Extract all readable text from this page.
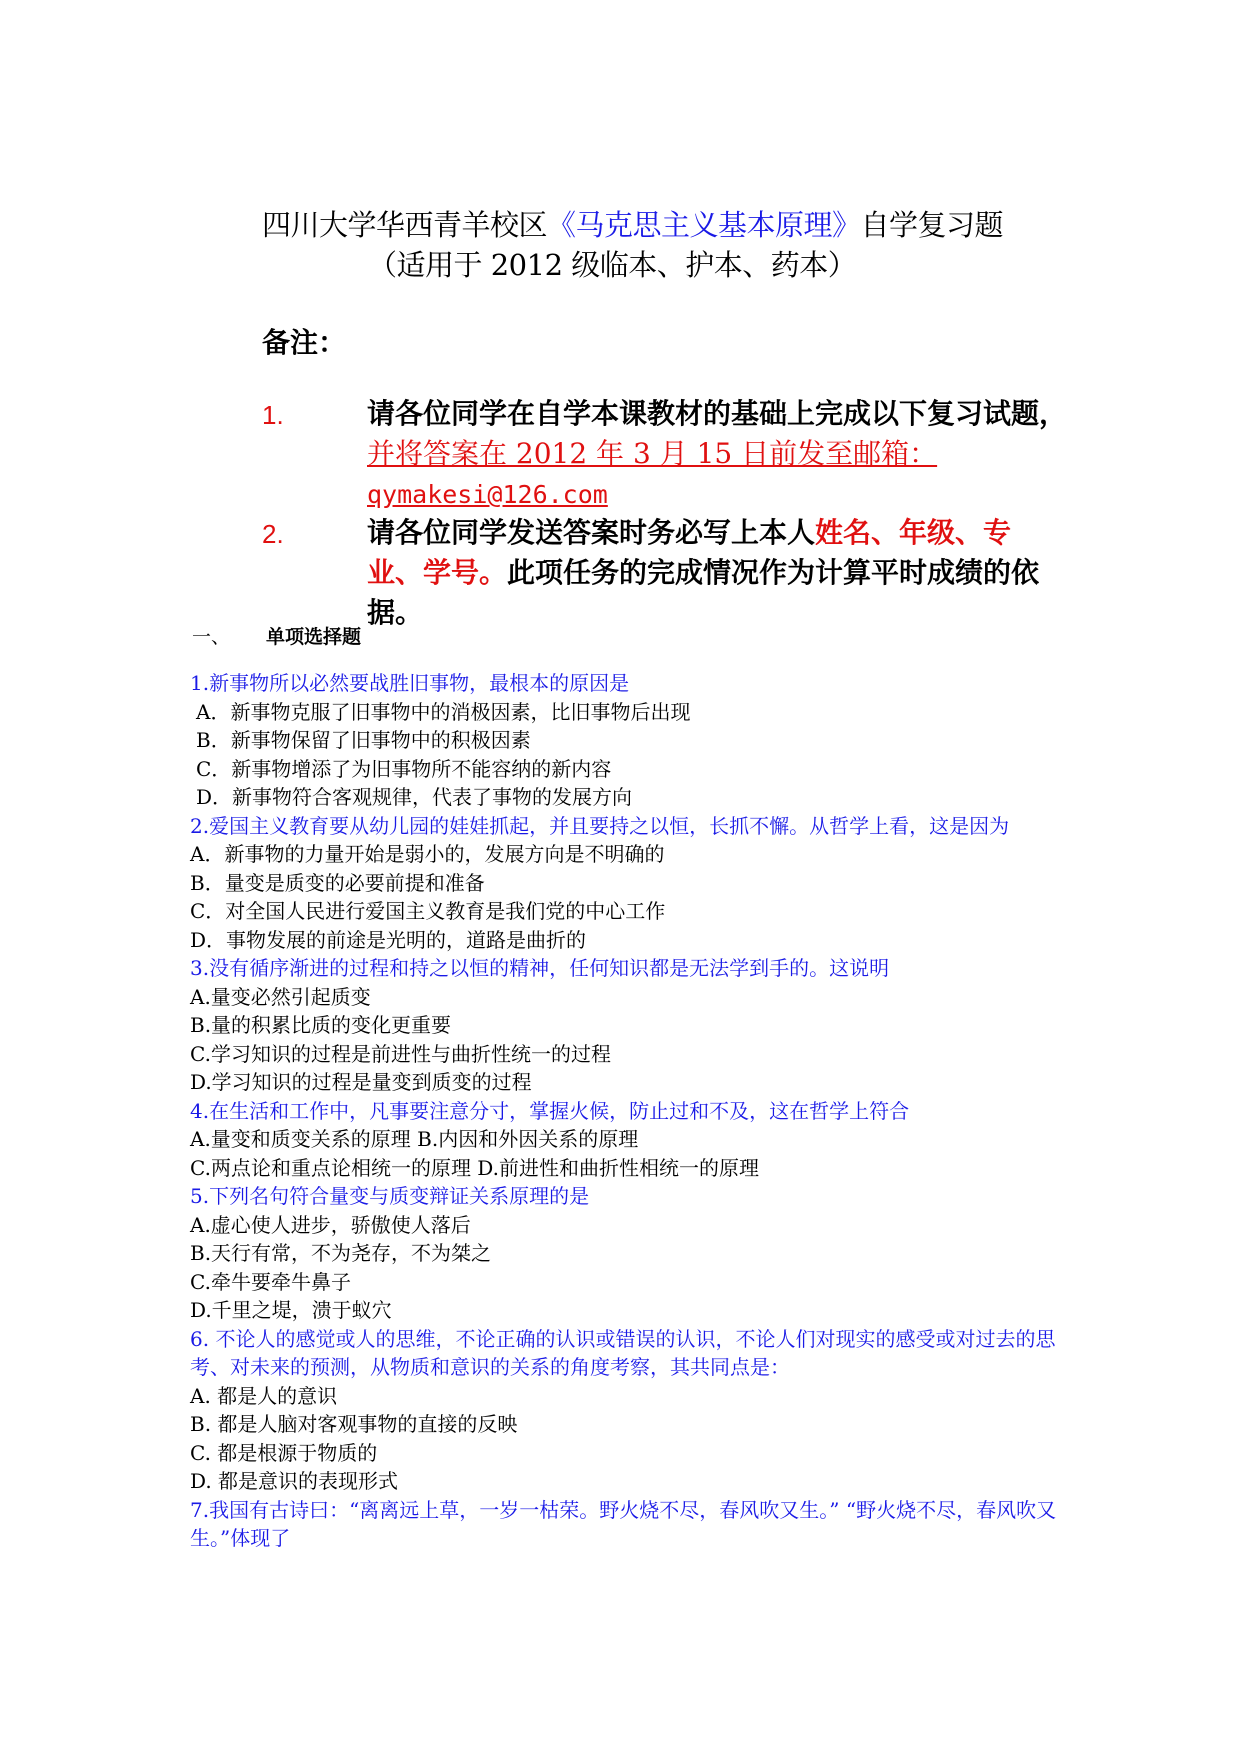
四川大学华西青羊校区《马克思主义基本原理》自学复习题
（适用于 2012 级临本、护本、药本）
备注：
1.	请各位同学在自学本课教材的基础上完成以下复习试题，并将答案在 2012 年 3 月 15 日前发至邮箱：
qymakesi@126.com
2.	请各位同学发送答案时务必写上本人姓名、年级、专业、学号。此项任务的完成情况作为计算平时成绩的依据。
一、 单项选择题
1.新事物所以必然要战胜旧事物，最根本的原因是
A．新事物克服了旧事物中的消极因素，比旧事物后出现
B．新事物保留了旧事物中的积极因素
C．新事物增添了为旧事物所不能容纳的新内容
D．新事物符合客观规律，代表了事物的发展方向
2.爱国主义教育要从幼儿园的娃娃抓起，并且要持之以恒，长抓不懈。从哲学上看，这是因为
A．新事物的力量开始是弱小的，发展方向是不明确的
B．量变是质变的必要前提和准备
C．对全国人民进行爱国主义教育是我们党的中心工作
D．事物发展的前途是光明的，道路是曲折的
3.没有循序渐进的过程和持之以恒的精神，任何知识都是无法学到手的。这说明
A.量变必然引起质变
B.量的积累比质的变化更重要
C.学习知识的过程是前进性与曲折性统一的过程
D.学习知识的过程是量变到质变的过程
4.在生活和工作中，凡事要注意分寸，掌握火候，防止过和不及，这在哲学上符合
A.量变和质变关系的原理 B.内因和外因关系的原理
C.两点论和重点论相统一的原理 D.前进性和曲折性相统一的原理
5.下列名句符合量变与质变辩证关系原理的是
A.虚心使人进步，骄傲使人落后
B.天行有常，不为尧存，不为桀之
C.牵牛要牵牛鼻子
D.千里之堤，溃于蚁穴
6. 不论人的感觉或人的思维，不论正确的认识或错误的认识，不论人们对现实的感受或对过去的思考、对未来的预测，从物质和意识的关系的角度考察，其共同点是：
A. 都是人的意识
B. 都是人脑对客观事物的直接的反映
C. 都是根源于物质的
D. 都是意识的表现形式
7.我国有古诗曰：“离离远上草，一岁一枯荣。野火烧不尽，春风吹又生。” “野火烧不尽，春风吹又生。”体现了
